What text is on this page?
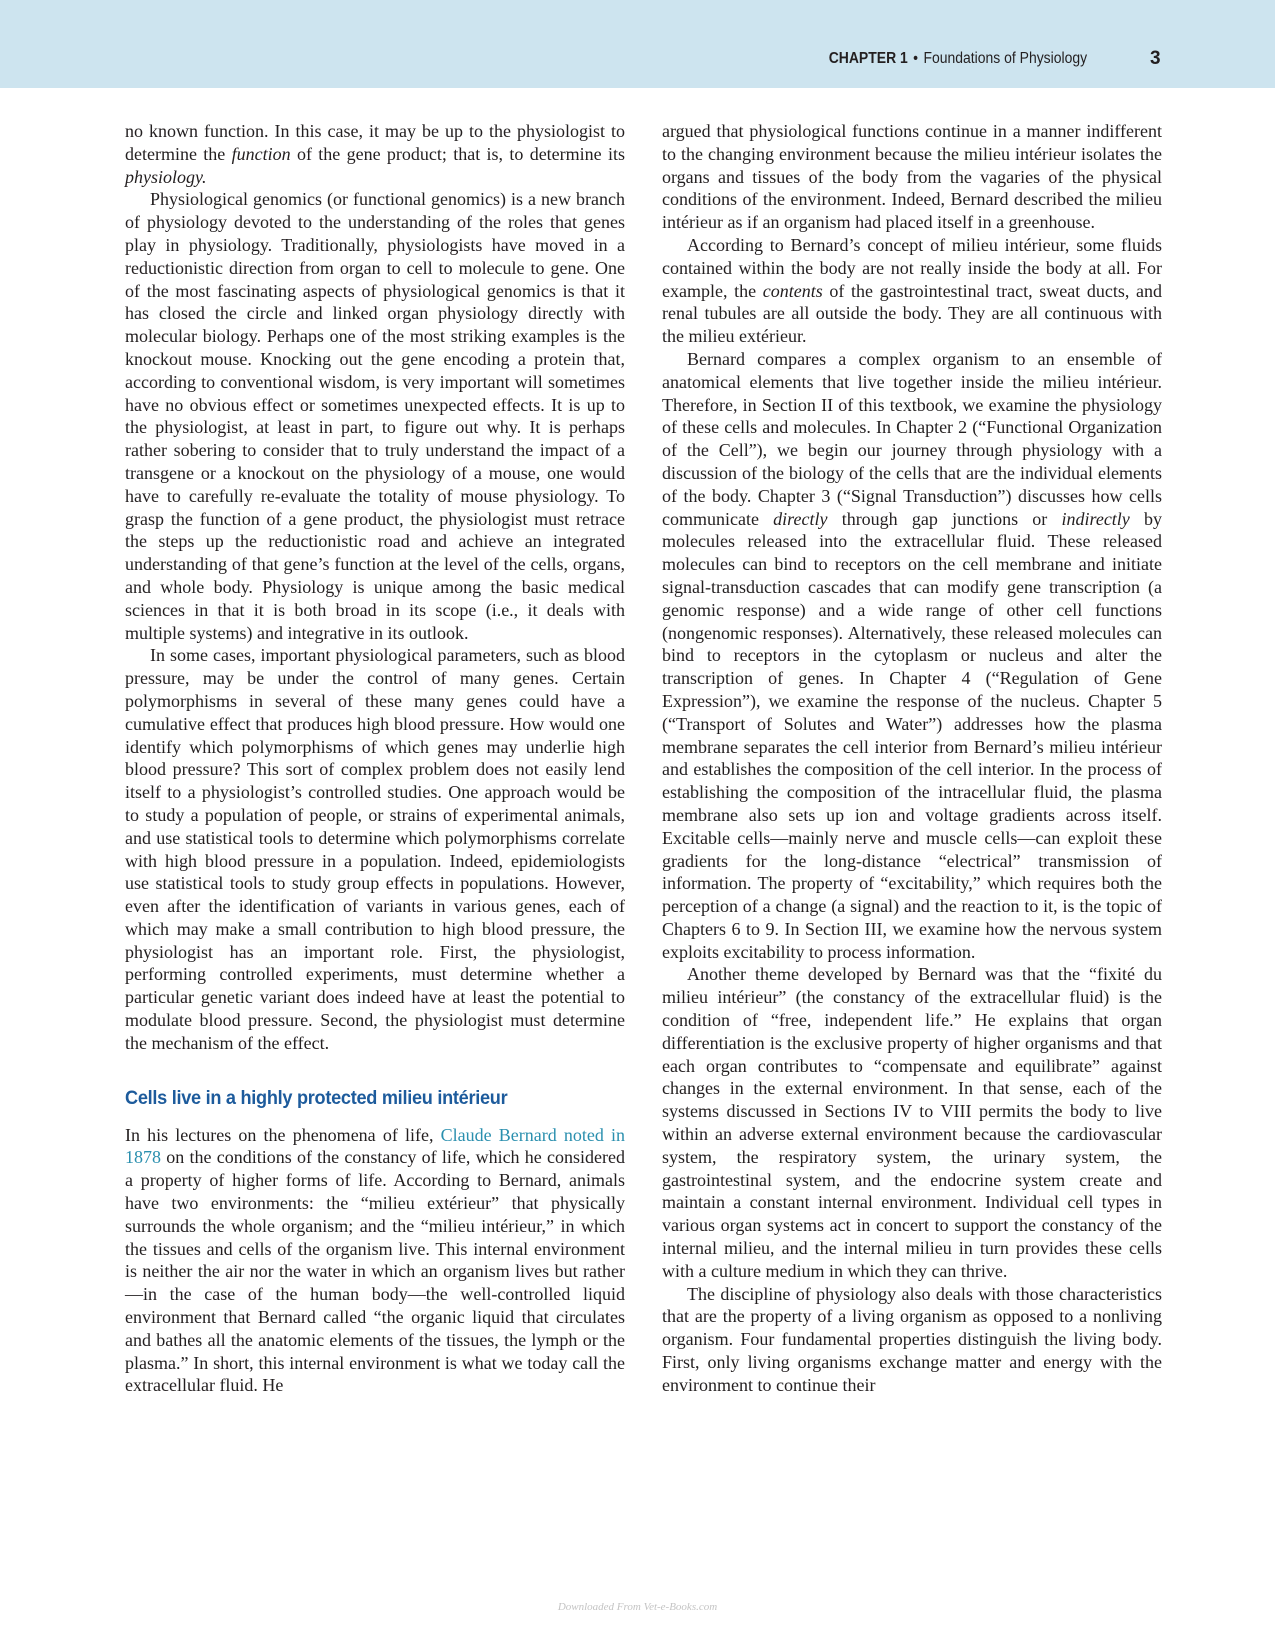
CHAPTER 1 • Foundations of Physiology	3

no known function. In this case, it may be up to the physiologist to determine the function of the gene product; that is, to determine its physiology.

Physiological genomics (or functional genomics) is a new branch of physiology devoted to the understanding of the roles that genes play in physiology. Traditionally, physiologists have moved in a reductionistic direction from organ to cell to molecule to gene. One of the most fascinating aspects of physiological genomics is that it has closed the circle and linked organ physiology directly with molecular biology. Perhaps one of the most striking examples is the knockout mouse. Knocking out the gene encoding a protein that, according to conventional wisdom, is very important will sometimes have no obvious effect or sometimes unexpected effects. It is up to the physiologist, at least in part, to figure out why. It is perhaps rather sobering to consider that to truly understand the impact of a transgene or a knockout on the physiology of a mouse, one would have to carefully re-evaluate the totality of mouse physiology. To grasp the function of a gene product, the physiologist must retrace the steps up the reductionistic road and achieve an integrated understanding of that gene’s function at the level of the cells, organs, and whole body. Physiology is unique among the basic medical sciences in that it is both broad in its scope (i.e., it deals with multiple systems) and integrative in its outlook.

In some cases, important physiological parameters, such as blood pressure, may be under the control of many genes. Certain polymorphisms in several of these many genes could have a cumulative effect that produces high blood pressure. How would one identify which polymorphisms of which genes may underlie high blood pressure? This sort of complex problem does not easily lend itself to a physiologist’s controlled studies. One approach would be to study a population of people, or strains of experimental animals, and use statistical tools to determine which polymorphisms correlate with high blood pressure in a population. Indeed, epidemiologists use statistical tools to study group effects in populations. However, even after the identification of variants in various genes, each of which may make a small contribution to high blood pressure, the physiologist has an important role. First, the physiologist, performing controlled experiments, must determine whether a particular genetic variant does indeed have at least the potential to modulate blood pressure. Second, the physiologist must determine the mechanism of the effect.

Cells live in a highly protected milieu intérieur

In his lectures on the phenomena of life, Claude Bernard noted in 1878 on the conditions of the constancy of life, which he considered a property of higher forms of life. According to Bernard, animals have two environments: the “milieu extérieur” that physically surrounds the whole organism; and the “milieu intérieur,” in which the tissues and cells of the organism live. This internal environment is neither the air nor the water in which an organism lives but rather—in the case of the human body—the well-controlled liquid environment that Bernard called “the organic liquid that circulates and bathes all the anatomic elements of the tissues, the lymph or the plasma.” In short, this internal environment is what we today call the extracellular fluid. He

argued that physiological functions continue in a manner indifferent to the changing environment because the milieu intérieur isolates the organs and tissues of the body from the vagaries of the physical conditions of the environment. Indeed, Bernard described the milieu intérieur as if an organism had placed itself in a greenhouse.

According to Bernard’s concept of milieu intérieur, some fluids contained within the body are not really inside the body at all. For example, the contents of the gastrointestinal tract, sweat ducts, and renal tubules are all outside the body. They are all continuous with the milieu extérieur.

Bernard compares a complex organism to an ensemble of anatomical elements that live together inside the milieu intérieur. Therefore, in Section II of this textbook, we examine the physiology of these cells and molecules. In Chapter 2 (“Functional Organization of the Cell”), we begin our journey through physiology with a discussion of the biology of the cells that are the individual elements of the body. Chapter 3 (“Signal Transduction”) discusses how cells communicate directly through gap junctions or indirectly by molecules released into the extracellular fluid. These released molecules can bind to receptors on the cell membrane and initiate signal-transduction cascades that can modify gene transcription (a genomic response) and a wide range of other cell functions (nongenomic responses). Alternatively, these released molecules can bind to receptors in the cytoplasm or nucleus and alter the transcription of genes. In Chapter 4 (“Regulation of Gene Expression”), we examine the response of the nucleus. Chapter 5 (“Transport of Solutes and Water”) addresses how the plasma membrane separates the cell interior from Bernard’s milieu intérieur and establishes the composition of the cell interior. In the process of establishing the composition of the intracellular fluid, the plasma membrane also sets up ion and voltage gradients across itself. Excitable cells—mainly nerve and muscle cells—can exploit these gradients for the long-distance “electrical” transmission of information. The property of “excitability,” which requires both the perception of a change (a signal) and the reaction to it, is the topic of Chapters 6 to 9. In Section III, we examine how the nervous system exploits excitability to process information.

Another theme developed by Bernard was that the “fixité du milieu intérieur” (the constancy of the extracellular fluid) is the condition of “free, independent life.” He explains that organ differentiation is the exclusive property of higher organisms and that each organ contributes to “compensate and equilibrate” against changes in the external environment. In that sense, each of the systems discussed in Sections IV to VIII permits the body to live within an adverse external environment because the cardiovascular system, the respiratory system, the urinary system, the gastrointestinal system, and the endocrine system create and maintain a constant internal environment. Individual cell types in various organ systems act in concert to support the constancy of the internal milieu, and the internal milieu in turn provides these cells with a culture medium in which they can thrive.

The discipline of physiology also deals with those characteristics that are the property of a living organism as opposed to a nonliving organism. Four fundamental properties distinguish the living body. First, only living organisms exchange matter and energy with the environment to continue their

Downloaded From Vet-e-Books.com
